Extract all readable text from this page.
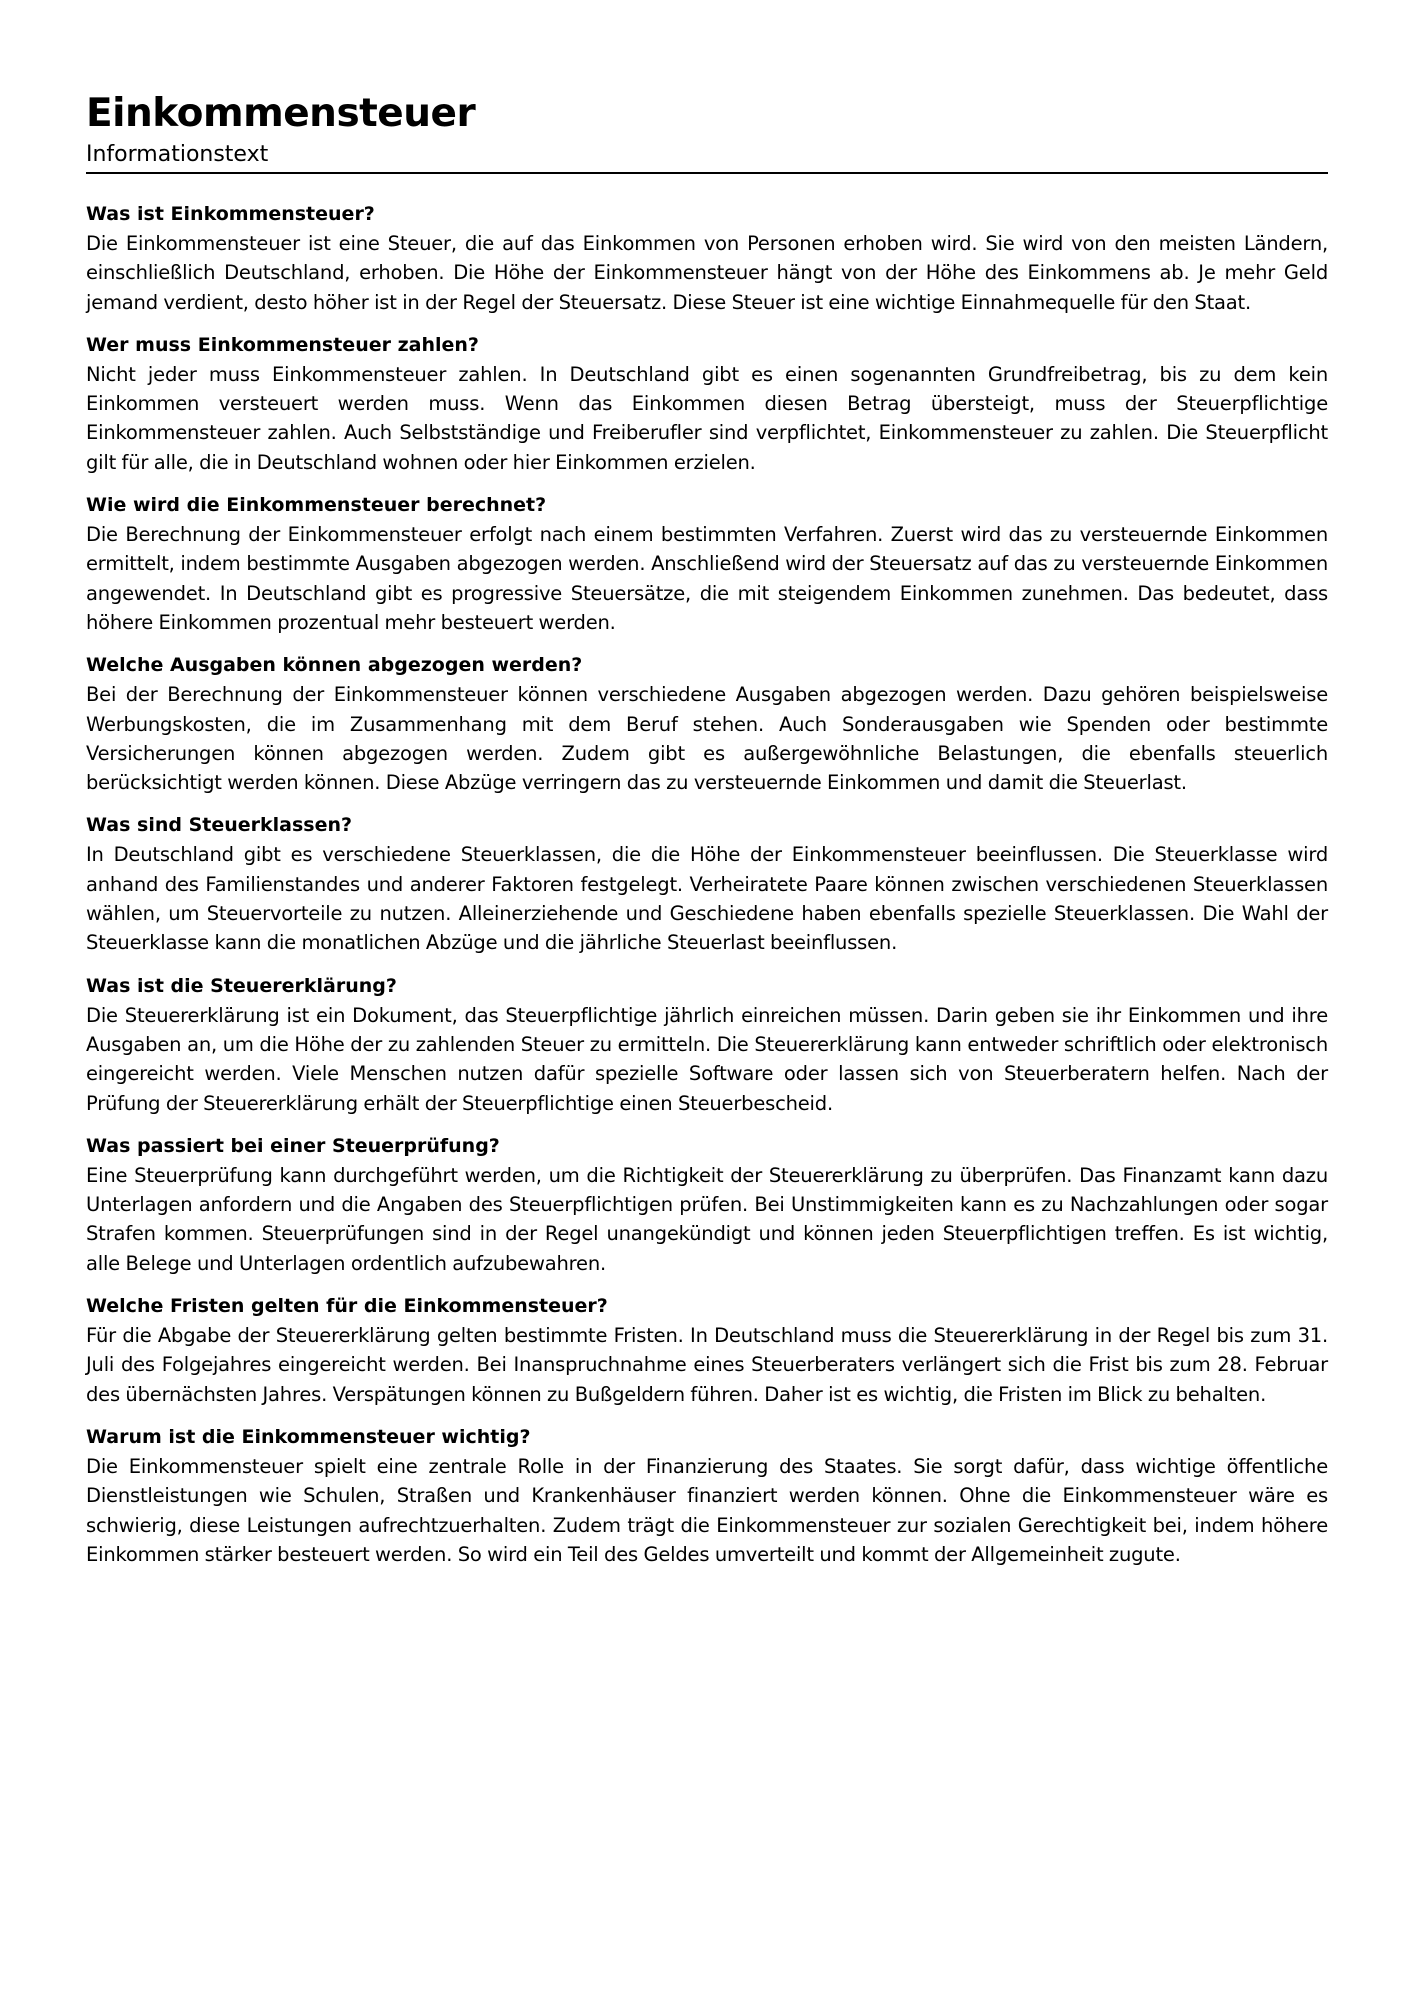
Einkommensteuer

Informationstext

Was ist Einkommensteuer?

Die Einkommensteuer ist eine Steuer, die auf das Einkommen von Personen erhoben wird. Sie wird von den meisten Ländern, einschließlich Deutschland, erhoben. Die Höhe der Einkommensteuer hängt von der Höhe des Einkommens ab. Je mehr Geld jemand verdient, desto höher ist in der Regel der Steuersatz. Diese Steuer ist eine wichtige Einnahmequelle für den Staat.

Wer muss Einkommensteuer zahlen?

Nicht jeder muss Einkommensteuer zahlen. In Deutschland gibt es einen sogenannten Grundfreibetrag, bis zu dem kein Einkommen versteuert werden muss. Wenn das Einkommen diesen Betrag übersteigt, muss der Steuerpflichtige Einkommensteuer zahlen. Auch Selbstständige und Freiberufler sind verpflichtet, Einkommensteuer zu zahlen. Die Steuerpflicht gilt für alle, die in Deutschland wohnen oder hier Einkommen erzielen.

Wie wird die Einkommensteuer berechnet?

Die Berechnung der Einkommensteuer erfolgt nach einem bestimmten Verfahren. Zuerst wird das zu versteuernde Einkommen ermittelt, indem bestimmte Ausgaben abgezogen werden. Anschließend wird der Steuersatz auf das zu versteuernde Einkommen angewendet. In Deutschland gibt es progressive Steuersätze, die mit steigendem Einkommen zunehmen. Das bedeutet, dass höhere Einkommen prozentual mehr besteuert werden.

Welche Ausgaben können abgezogen werden?

Bei der Berechnung der Einkommensteuer können verschiedene Ausgaben abgezogen werden. Dazu gehören beispielsweise Werbungskosten, die im Zusammenhang mit dem Beruf stehen. Auch Sonderausgaben wie Spenden oder bestimmte Versicherungen können abgezogen werden. Zudem gibt es außergewöhnliche Belastungen, die ebenfalls steuerlich berücksichtigt werden können. Diese Abzüge verringern das zu versteuernde Einkommen und damit die Steuerlast.

Was sind Steuerklassen?

In Deutschland gibt es verschiedene Steuerklassen, die die Höhe der Einkommensteuer beeinflussen. Die Steuerklasse wird anhand des Familienstandes und anderer Faktoren festgelegt. Verheiratete Paare können zwischen verschiedenen Steuerklassen wählen, um Steuervorteile zu nutzen. Alleinerziehende und Geschiedene haben ebenfalls spezielle Steuerklassen. Die Wahl der Steuerklasse kann die monatlichen Abzüge und die jährliche Steuerlast beeinflussen.

Was ist die Steuererklärung?

Die Steuererklärung ist ein Dokument, das Steuerpflichtige jährlich einreichen müssen. Darin geben sie ihr Einkommen und ihre Ausgaben an, um die Höhe der zu zahlenden Steuer zu ermitteln. Die Steuererklärung kann entweder schriftlich oder elektronisch eingereicht werden. Viele Menschen nutzen dafür spezielle Software oder lassen sich von Steuerberatern helfen. Nach der Prüfung der Steuererklärung erhält der Steuerpflichtige einen Steuerbescheid.

Was passiert bei einer Steuerprüfung?

Eine Steuerprüfung kann durchgeführt werden, um die Richtigkeit der Steuererklärung zu überprüfen. Das Finanzamt kann dazu Unterlagen anfordern und die Angaben des Steuerpflichtigen prüfen. Bei Unstimmigkeiten kann es zu Nachzahlungen oder sogar Strafen kommen. Steuerprüfungen sind in der Regel unangekündigt und können jeden Steuerpflichtigen treffen. Es ist wichtig, alle Belege und Unterlagen ordentlich aufzubewahren.

Welche Fristen gelten für die Einkommensteuer?

Für die Abgabe der Steuererklärung gelten bestimmte Fristen. In Deutschland muss die Steuererklärung in der Regel bis zum 31. Juli des Folgejahres eingereicht werden. Bei Inanspruchnahme eines Steuerberaters verlängert sich die Frist bis zum 28. Februar des übernächsten Jahres. Verspätungen können zu Bußgeldern führen. Daher ist es wichtig, die Fristen im Blick zu behalten.

Warum ist die Einkommensteuer wichtig?

Die Einkommensteuer spielt eine zentrale Rolle in der Finanzierung des Staates. Sie sorgt dafür, dass wichtige öffentliche Dienstleistungen wie Schulen, Straßen und Krankenhäuser finanziert werden können. Ohne die Einkommensteuer wäre es schwierig, diese Leistungen aufrechtzuerhalten. Zudem trägt die Einkommensteuer zur sozialen Gerechtigkeit bei, indem höhere Einkommen stärker besteuert werden. So wird ein Teil des Geldes umverteilt und kommt der Allgemeinheit zugute.
